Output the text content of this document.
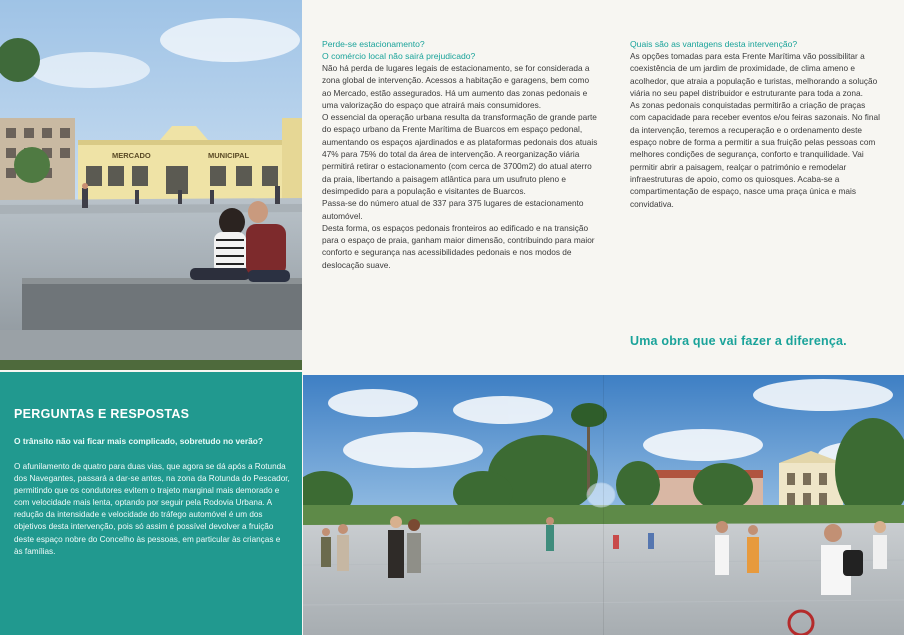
MERCADO	MUNICIPAL

Perde-se estacionamento?
O comércio local não sairá prejudicado?

Não há perda de lugares legais de estacionamento, se for considerada a zona global de intervenção. Acessos a habitação e garagens, bem como ao Mercado, estão assegurados. Há um aumento das zonas pedonais e uma valorização do espaço que atrairá mais consumidores.

O essencial da operação urbana resulta da transformação de grande parte do espaço urbano da Frente Marítima de Buarcos em espaço pedonal, aumentando os espaços ajardinados e as plataformas pedonais dos atuais 47% para 75% do total da área de intervenção. A reorganização viária permitirá retirar o estacionamento (com cerca de 3700m2) do atual aterro da praia, libertando a paisagem atlântica para um usufruto pleno e desimpedido para a população e visitantes de Buarcos.

Passa-se do número atual de 337 para 375 lugares de estacionamento automóvel.

Desta forma, os espaços pedonais fronteiros ao edificado e na transição para o espaço de praia, ganham maior dimensão, contribuindo para maior conforto e segurança nas acessibilidades pedonais e nos modos de deslocação suave.

Quais são as vantagens desta intervenção?

As opções tomadas para esta Frente Marítima vão possibilitar a coexistência de um jardim de proximidade, de clima ameno e acolhedor, que atraia a população e turistas, melhorando a solução viária no seu papel distribuidor e estruturante para toda a zona.

As zonas pedonais conquistadas permitirão a criação de praças com capacidade para receber eventos e/ou feiras sazonais. No final da intervenção, teremos a recuperação e o ordenamento deste espaço nobre de forma a permitir a sua fruição pelas pessoas com melhores condições de segurança, conforto e tranquilidade. Vai permitir abrir a paisagem, realçar o património e remodelar infraestruturas de apoio, como os quiosques. Acaba-se a compartimentação de espaço, nasce uma praça única e mais convidativa.

Uma obra que vai fazer a diferença.
PERGUNTAS E RESPOSTAS
O trânsito não vai ficar mais complicado, sobretudo no verão?
O afunilamento de quatro para duas vias, que agora se dá após a Rotunda dos Navegantes, passará a dar-se antes, na zona da Rotunda do Pescador, permitindo que os condutores evitem o trajeto marginal mais demorado e com velocidade mais lenta, optando por seguir pela Rodovia Urbana. A redução da intensidade e velocidade do tráfego automóvel é um dos objetivos desta intervenção, pois só assim é possível devolver a fruição deste espaço nobre do Concelho às pessoas, em particular às crianças e às famílias.
